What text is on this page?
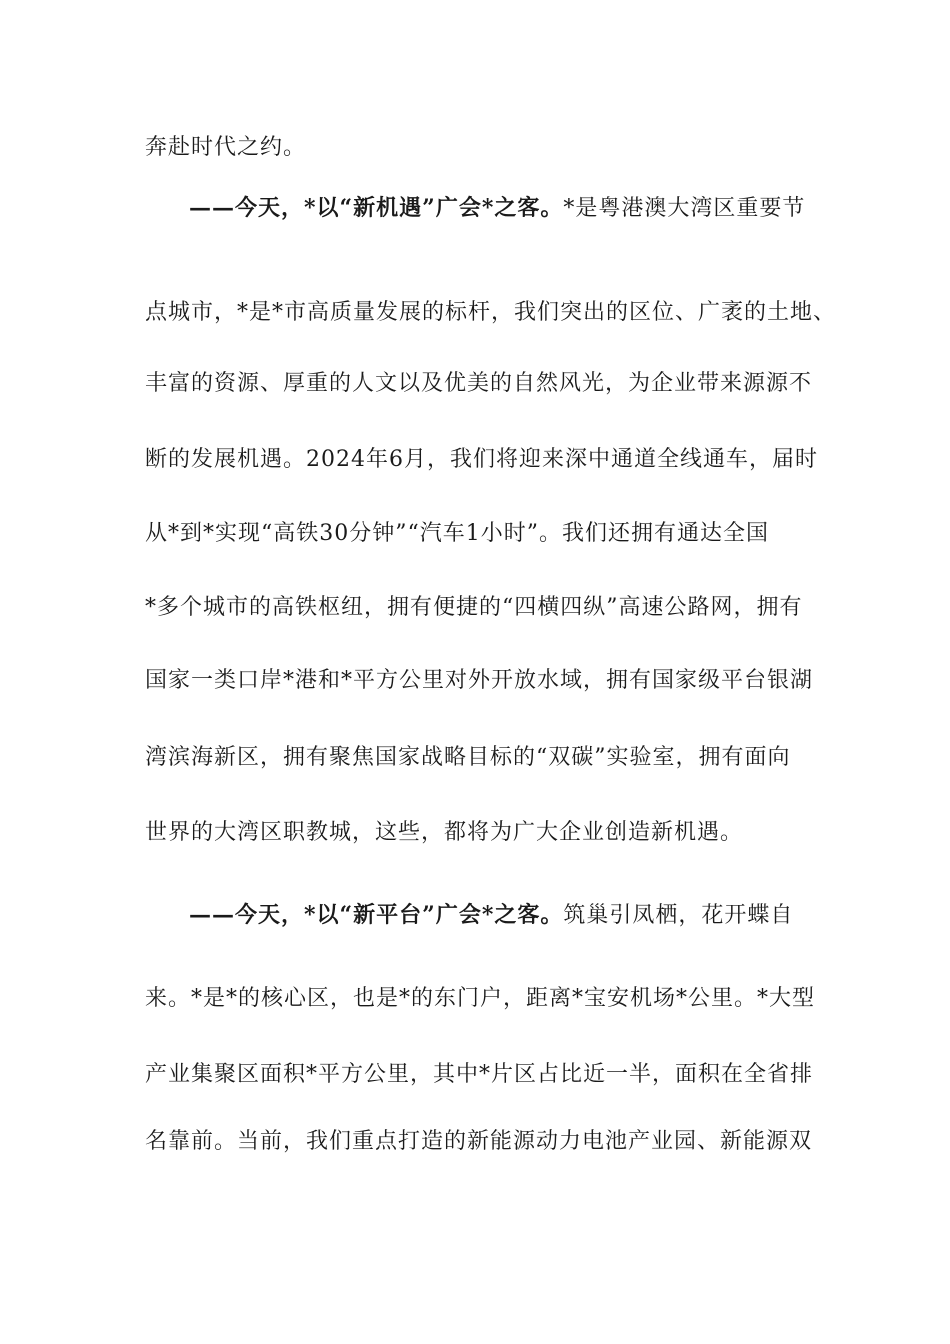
奔赴时代之约。
——今天，*以“新机遇”广会*之客。*是粤港澳大湾区重要节
点城市，*是*市高质量发展的标杆，我们突出的区位、广袤的土地、
丰富的资源、厚重的人文以及优美的自然风光，为企业带来源源不
断的发展机遇。2024年6月，我们将迎来深中通道全线通车，届时
从*到*实现“高铁30分钟”“汽车1小时”。我们还拥有通达全国
*多个城市的高铁枢纽，拥有便捷的“四横四纵”高速公路网，拥有
国家一类口岸*港和*平方公里对外开放水域，拥有国家级平台银湖
湾滨海新区，拥有聚焦国家战略目标的“双碳”实验室，拥有面向
世界的大湾区职教城，这些，都将为广大企业创造新机遇。
——今天，*以“新平台”广会*之客。筑巢引凤栖，花开蝶自
来。*是*的核心区，也是*的东门户，距离*宝安机场*公里。*大型
产业集聚区面积*平方公里，其中*片区占比近一半，面积在全省排
名靠前。当前，我们重点打造的新能源动力电池产业园、新能源双
